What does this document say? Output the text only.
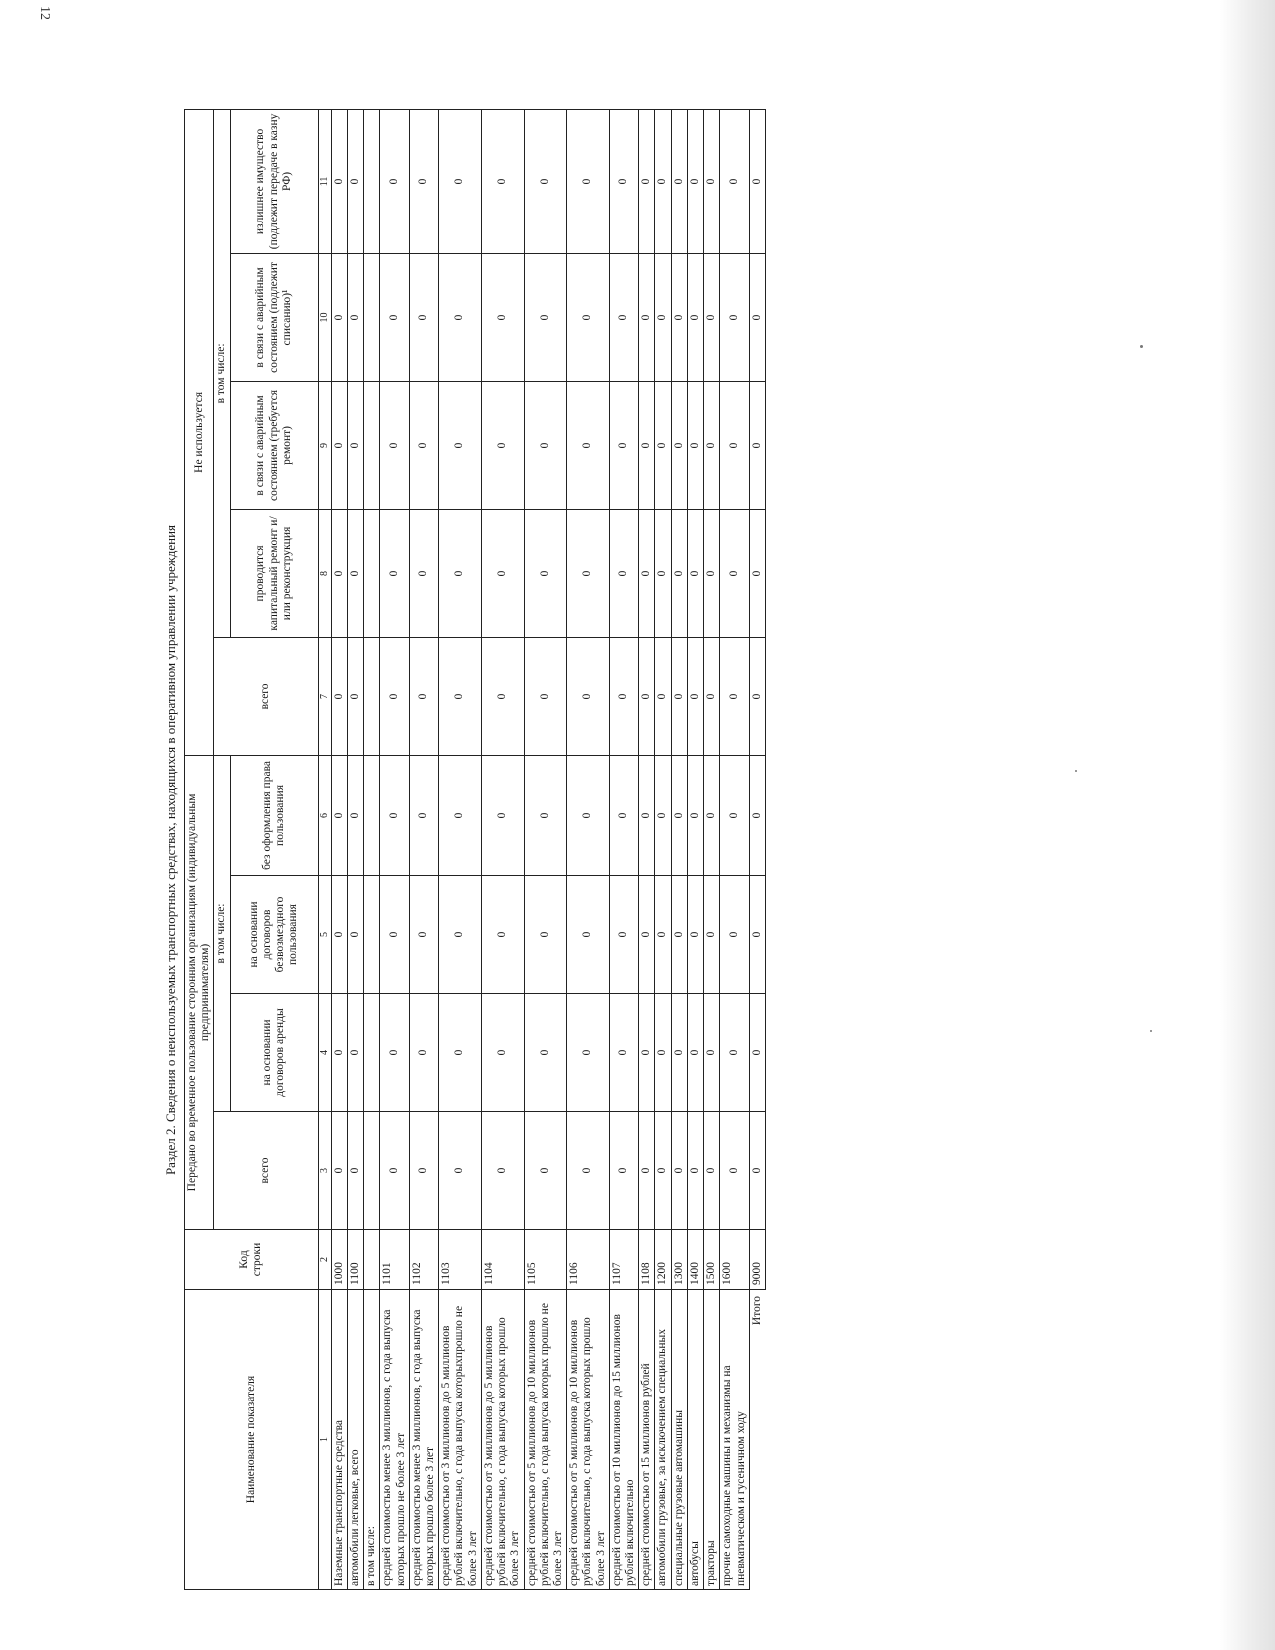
12
Раздел 2. Сведения о неиспользуемых транспортных средствах, находящихся в оперативном управлении учреждения
Наименование показателя	Код строки	Передано во временное пользование сторонним организациям (индивидуальным предпринимателям)				Не используется				
		всего	в том числе:			всего	в том числе:			
			на основании договоров аренды	на основании договоров безвозмездного пользования	без оформления права пользования		проводится капитальный ремонт и/или реконструкция	в связи с аварийным состоянием (требуется ремонт)	в связи с аварийным состоянием (подлежит списанию)¹	излишнее имущество (подлежит передаче в казну РФ)
1	2	3	4	5	6	7	8	9	10	11
Наземные транспортные средства	1000	0	0	0	0	0	0	0	0	0
автомобили легковые, всего	1100	0	0	0	0	0	0	0	0	0
в том числе:										
средней стоимостью менее 3 миллионов, с года выпуска которых прошло не более 3 лет	1101	0	0	0	0	0	0	0	0	0
средней стоимостью менее 3 миллионов, с года выпуска которых прошло более 3 лет	1102	0	0	0	0	0	0	0	0	0
средней стоимостью от 3 миллионов до 5 миллионов рублей включительно, с года выпуска которыхпрошло не более 3 лет	1103	0	0	0	0	0	0	0	0	0
средней стоимостью от 3 миллионов до 5 миллионов рублей включительно, с года выпуска которых прошло более 3 лет	1104	0	0	0	0	0	0	0	0	0
средней стоимостью от 5 миллионов до 10 миллионов рублей включительно, с года выпуска которых прошло не более 3 лет	1105	0	0	0	0	0	0	0	0	0
средней стоимостью от 5 миллионов до 10 миллионов рублей включительно, с года выпуска которых прошло более 3 лет	1106	0	0	0	0	0	0	0	0	0
средней стоимостью от 10 миллионов до 15 миллионов рублей включительно	1107	0	0	0	0	0	0	0	0	0
средней стоимостью от 15 миллионов рублей	1108	0	0	0	0	0	0	0	0	0
автомобили грузовые, за исключением специальных	1200	0	0	0	0	0	0	0	0	0
специальные грузовые автомашины	1300	0	0	0	0	0	0	0	0	0
автобусы	1400	0	0	0	0	0	0	0	0	0
тракторы	1500	0	0	0	0	0	0	0	0	0
прочие самоходные машины и механизмы на пневматическом и гусеничном ходу	1600	0	0	0	0	0	0	0	0	0
Итого	9000	0	0	0	0	0	0	0	0	0
